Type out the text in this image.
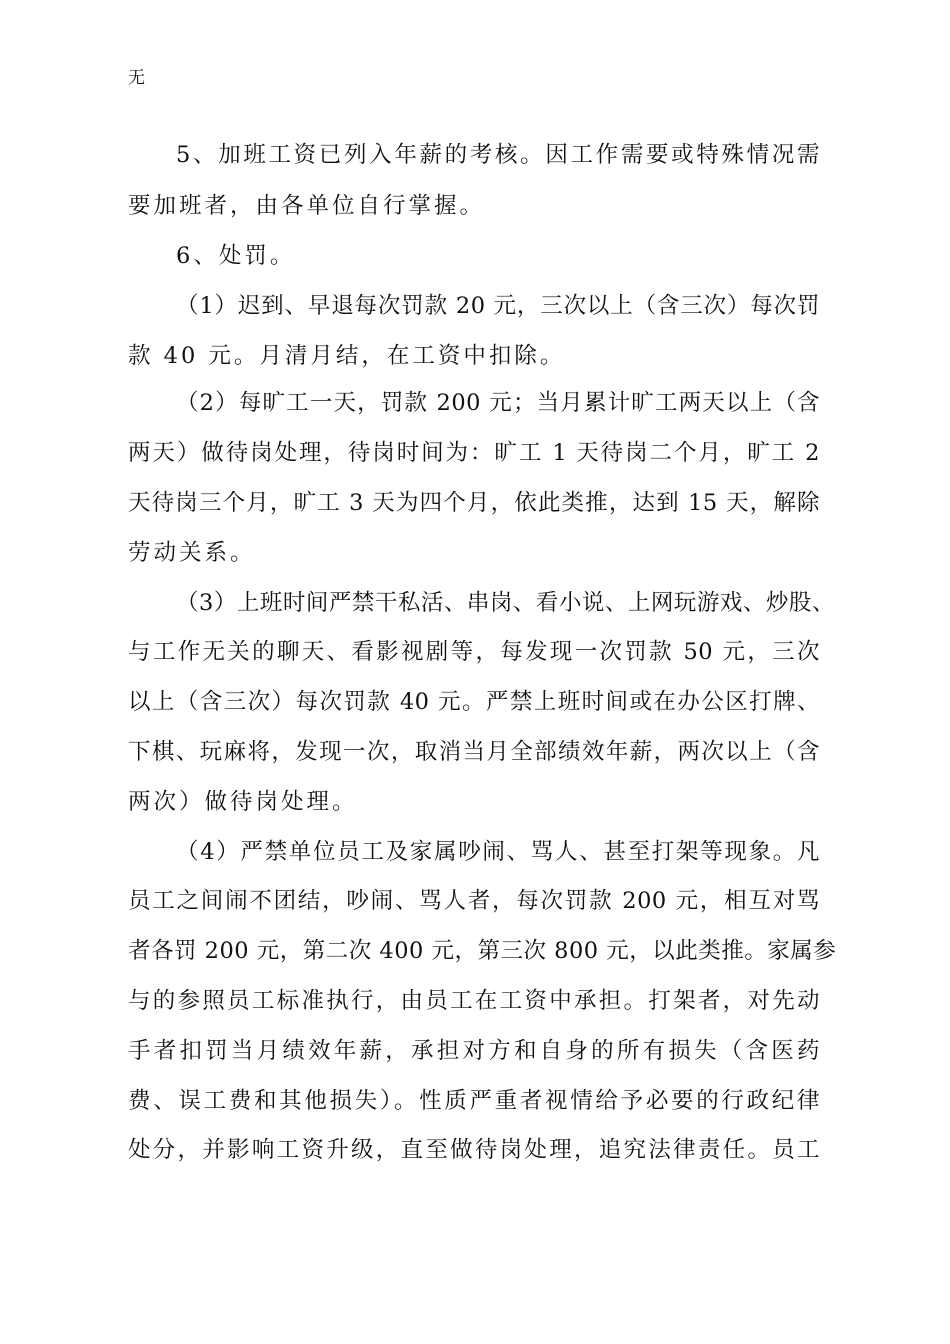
无
5、加班工资已列入年薪的考核。因工作需要或特殊情况需
要加班者，由各单位自行掌握。
6、处罚。
（1）迟到、早退每次罚款 20 元，三次以上（含三次）每次罚
款 40 元。月清月结，在工资中扣除。
（2）每旷工一天，罚款 200 元；当月累计旷工两天以上（含
两天）做待岗处理，待岗时间为：旷工 1 天待岗二个月，旷工 2
天待岗三个月，旷工 3 天为四个月，依此类推，达到 15 天，解除
劳动关系。
（3）上班时间严禁干私活、串岗、看小说、上网玩游戏、炒股、
与工作无关的聊天、看影视剧等，每发现一次罚款 50 元，三次
以上（含三次）每次罚款 40 元。严禁上班时间或在办公区打牌、
下棋、玩麻将，发现一次，取消当月全部绩效年薪，两次以上（含
两次）做待岗处理。
（4）严禁单位员工及家属吵闹、骂人、甚至打架等现象。凡
员工之间闹不团结，吵闹、骂人者，每次罚款 200 元，相互对骂
者各罚 200 元，第二次 400 元，第三次 800 元，以此类推。家属参
与的参照员工标准执行，由员工在工资中承担。打架者，对先动
手者扣罚当月绩效年薪，承担对方和自身的所有损失（含医药
费、误工费和其他损失）。性质严重者视情给予必要的行政纪律
处分，并影响工资升级，直至做待岗处理，追究法律责任。员工
